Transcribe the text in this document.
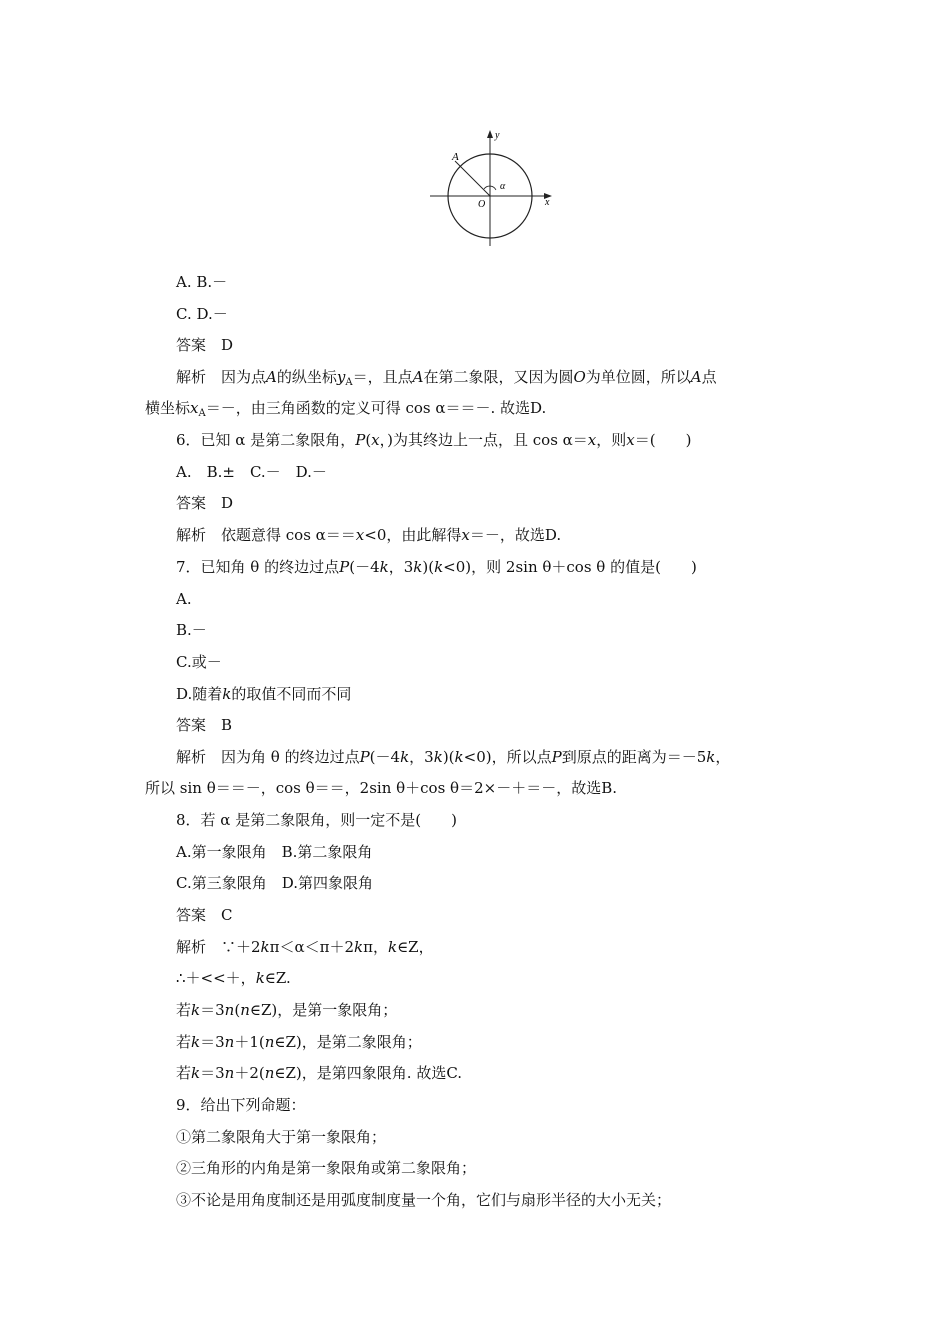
A
y
x
O
α
A. B.－
C. D.－
答案　D
解析　因为点A的纵坐标$y_A=$，且点A在第二象限，又因为圆O为单位圆，所以A点
横坐标$x_A=-$，由三角函数的定义可得 cos α＝＝－. 故选D.
6．已知 α 是第二象限角，P(x，)为其终边上一点，且 cos α＝x，则x＝(　　)
A.　B.±　C.－　D.－
答案　D
解析　依题意得 cos α＝＝x<0，由此解得x＝－，故选D.
7．已知角 θ 的终边过点P(－4k，3k)(k<0)，则 2sin θ＋cos θ 的值是(　　)
A.
B.－
C.或－
D.随着k的取值不同而不同
答案　B
解析　因为角 θ 的终边过点P(－4k，3k)(k<0)，所以点P到原点的距离为＝－5k，
所以 sin θ＝＝－，cos θ＝＝，2sin θ＋cos θ＝2×－＋＝－，故选B.
8．若 α 是第二象限角，则一定不是(　　)
A.第一象限角　B.第二象限角
C.第三象限角　D.第四象限角
答案　C
解析　∵＋2kπ＜α＜π＋2kπ，k∈Z，
∴＋<<＋，k∈Z.
若k＝3n(n∈Z)，是第一象限角；
若k＝3n＋1(n∈Z)，是第二象限角；
若k＝3n＋2(n∈Z)，是第四象限角. 故选C.
9．给出下列命题：
①第二象限角大于第一象限角；
②三角形的内角是第一象限角或第二象限角；
③不论是用角度制还是用弧度制度量一个角，它们与扇形半径的大小无关；
